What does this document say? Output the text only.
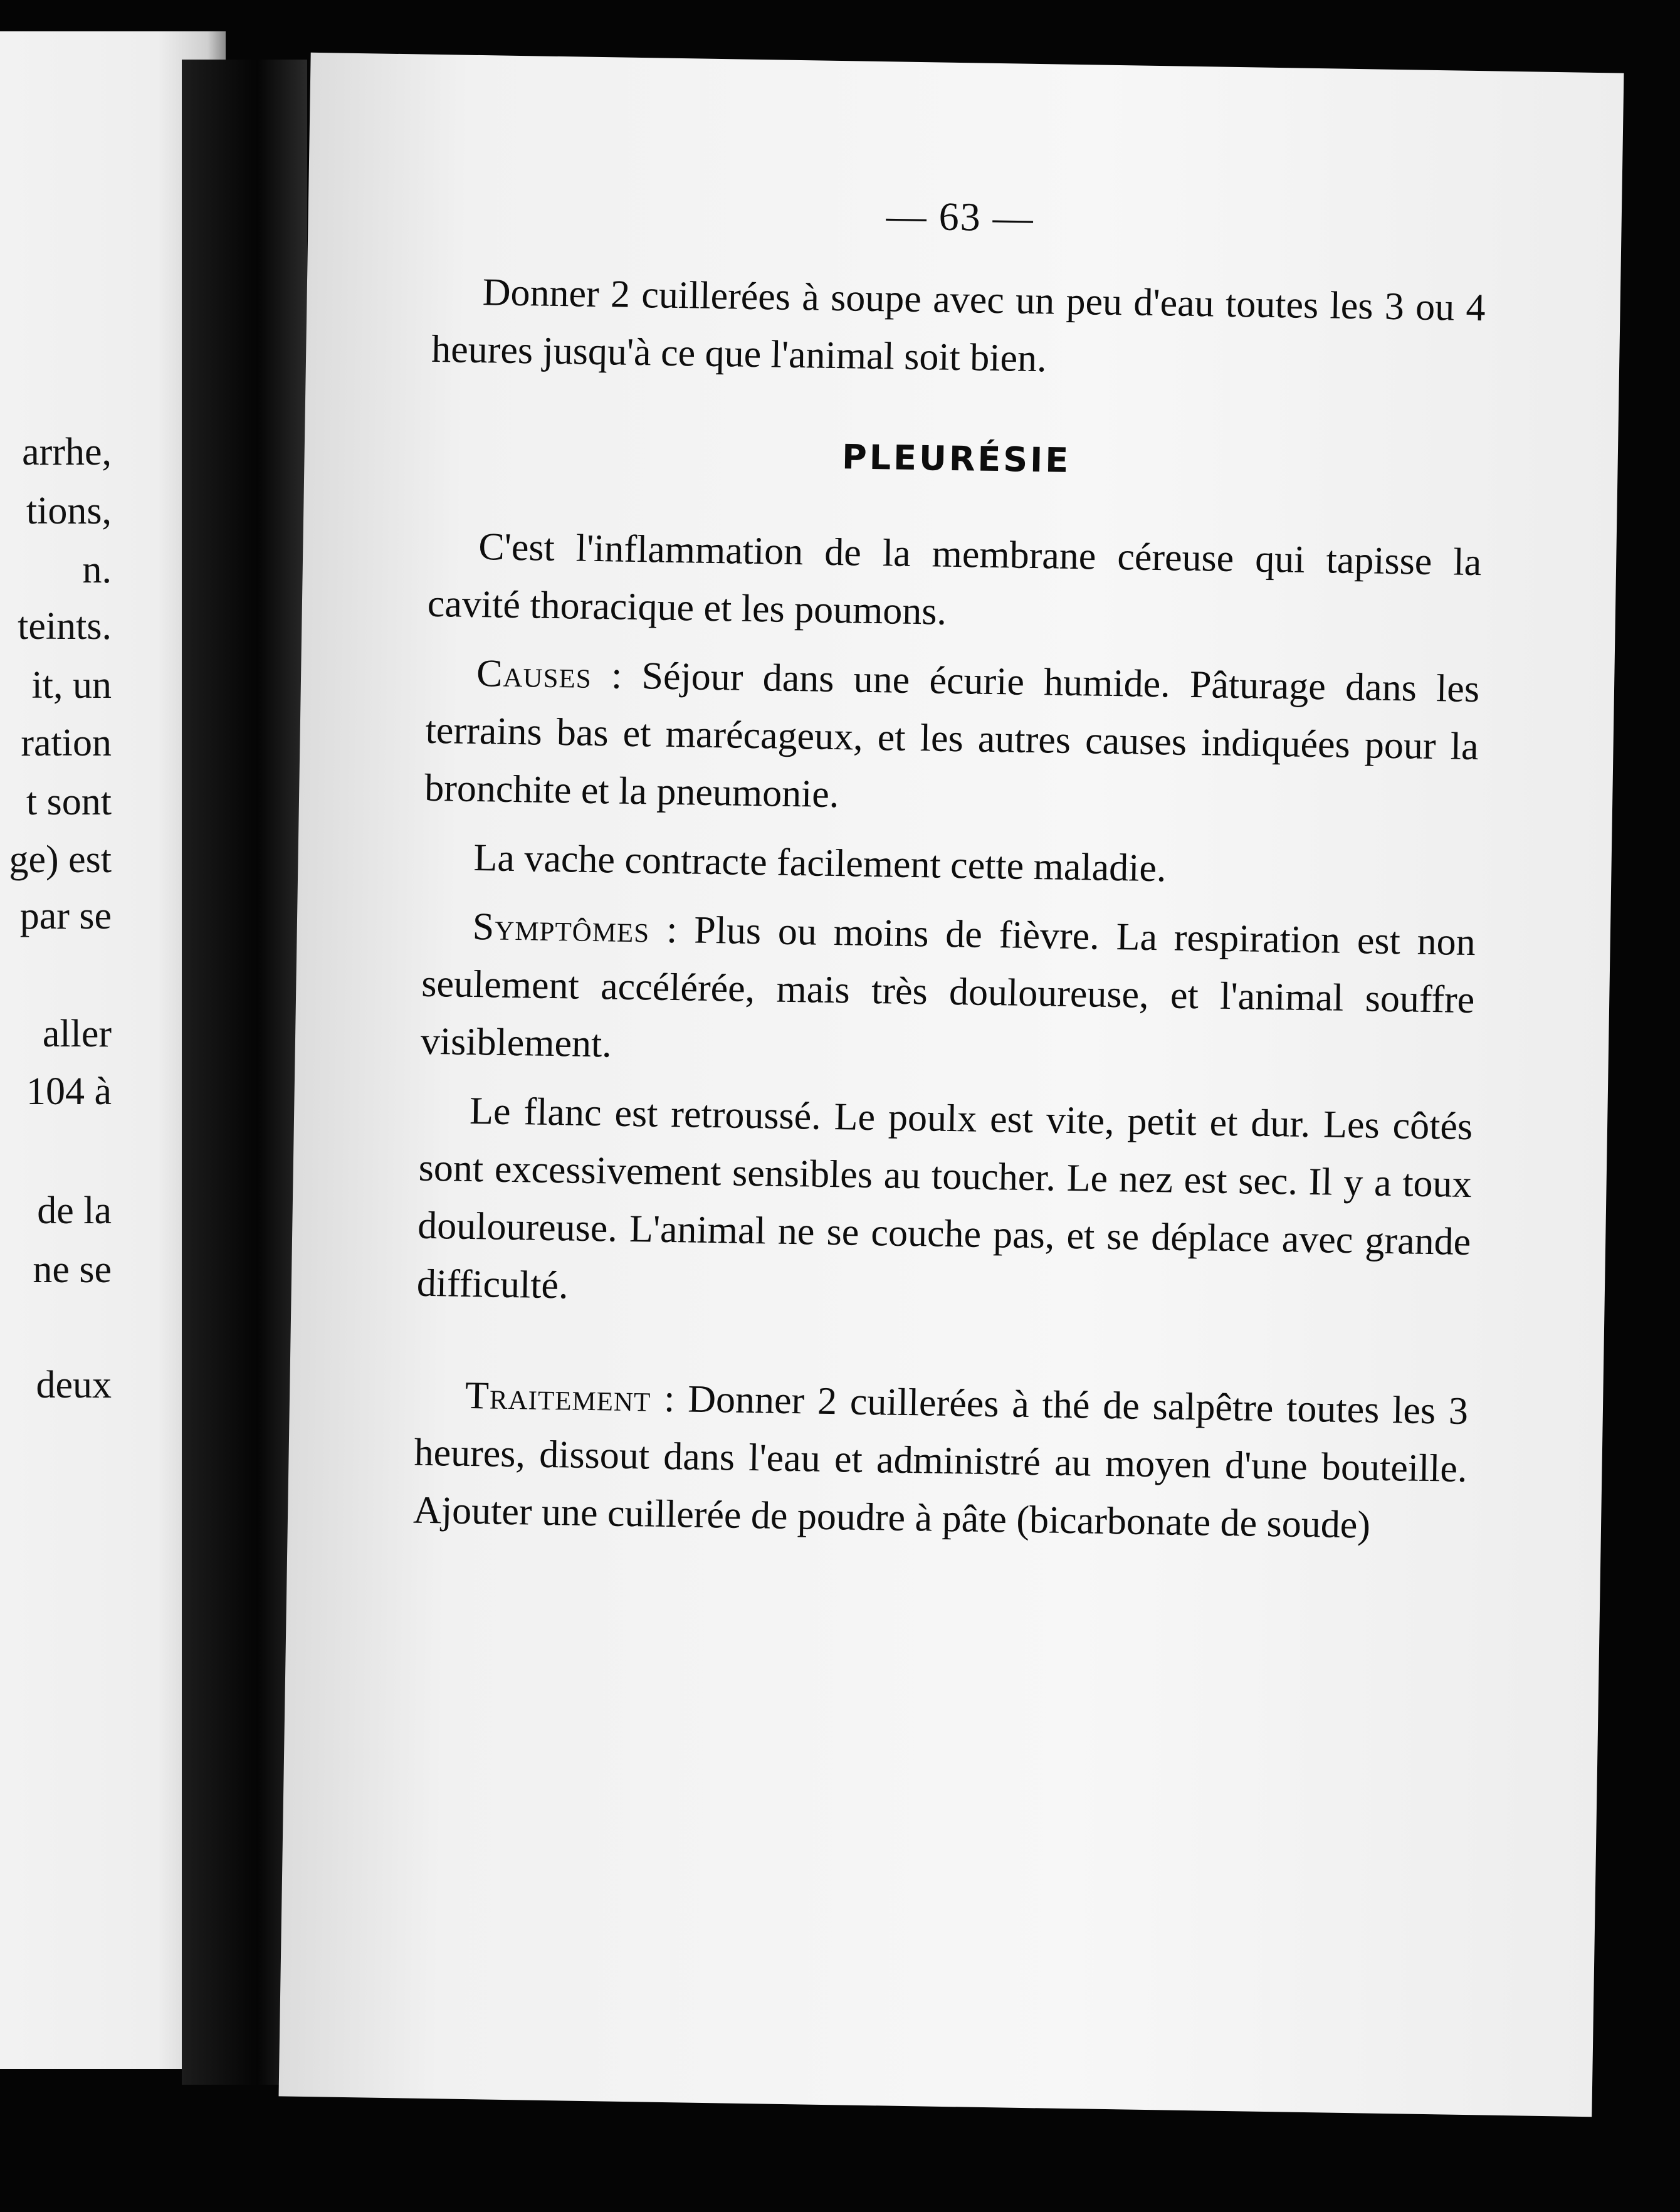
arrhe,
tions,
n.
teints.
it, un
ration
t sont
ge) est
par se
aller
104 à
de la
ne se
deux
— 63 —

Donner 2 cuillerées à soupe avec un peu d'eau toutes les 3 ou 4 heures jusqu'à ce que l'animal soit bien.

PLEURÉSIE

C'est l'inflammation de la membrane céreuse qui tapisse la cavité thoracique et les poumons.

Causes : Séjour dans une écurie humide. Pâturage dans les terrains bas et marécageux, et les autres causes indiquées pour la bronchite et la pneumonie.

La vache contracte facilement cette maladie.

Symptômes : Plus ou moins de fièvre. La respiration est non seulement accélérée, mais très douloureuse, et l'animal souffre visiblement.

Le flanc est retroussé. Le poulx est vite, petit et dur. Les côtés sont excessivement sensibles au toucher. Le nez est sec. Il y a toux douloureuse. L'animal ne se couche pas, et se déplace avec grande difficulté.

Traitement : Donner 2 cuillerées à thé de salpêtre toutes les 3 heures, dissout dans l'eau et administré au moyen d'une bouteille. Ajouter une cuillerée de poudre à pâte (bicarbonate de soude)
